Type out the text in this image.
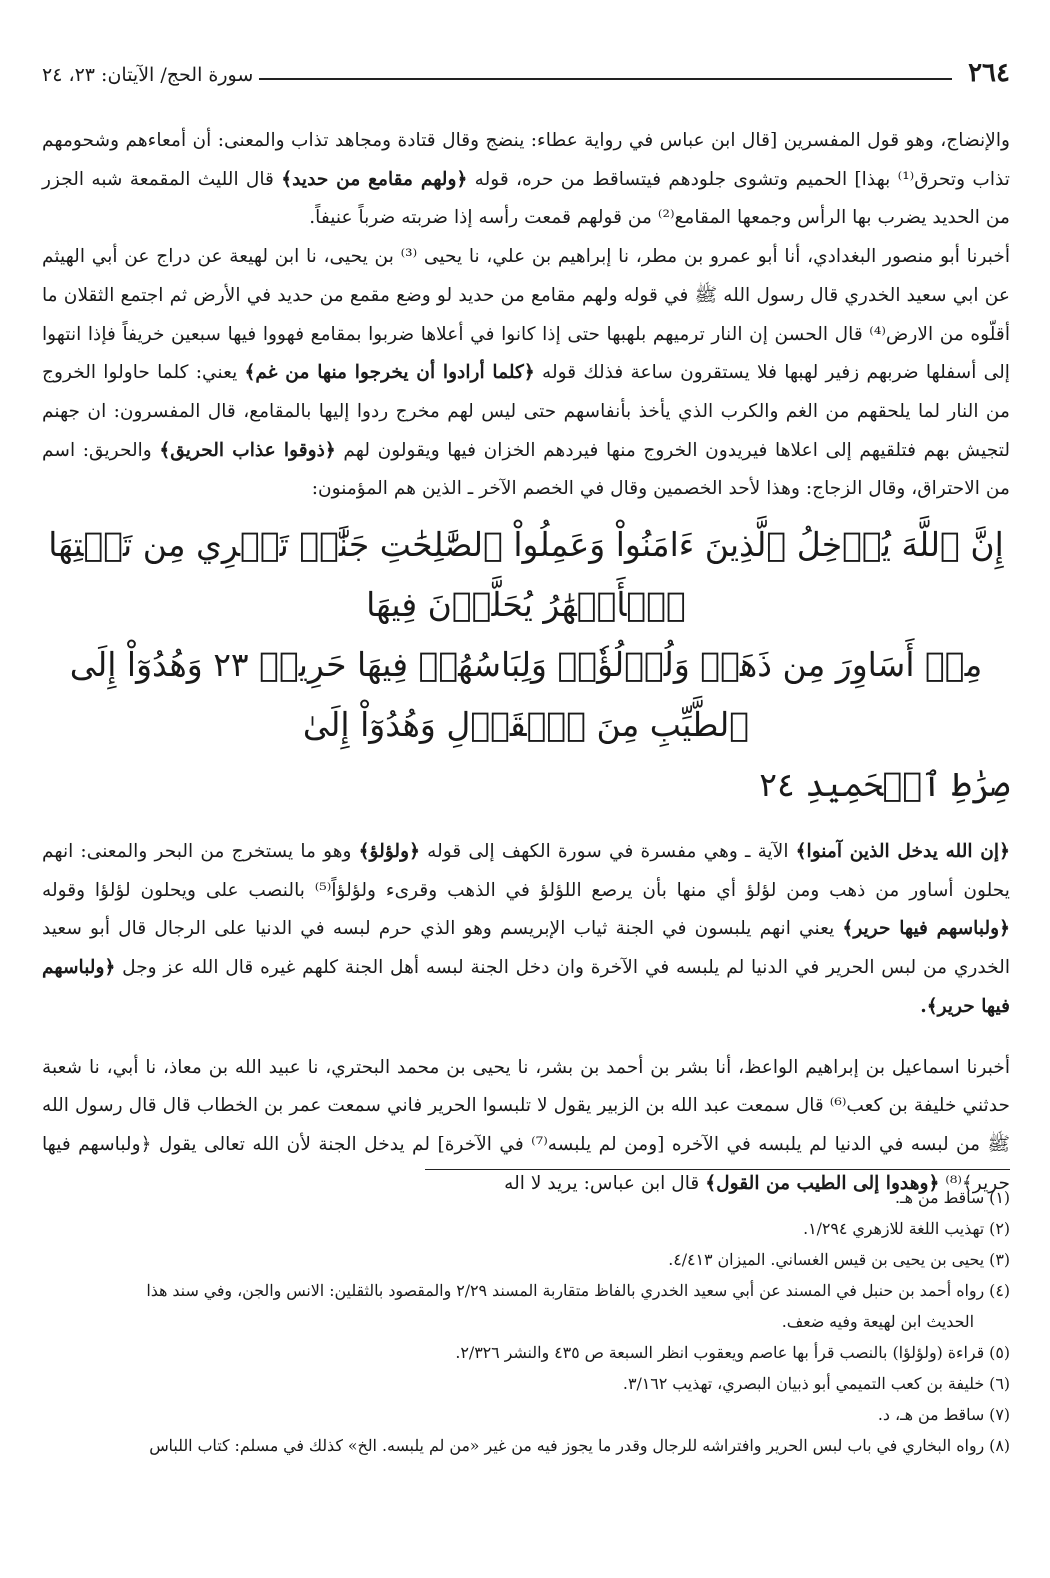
٢٦٤
سورة الحج/ الآيتان: ٢٣، ٢٤

والإنضاج، وهو قول المفسرين [قال ابن عباس في رواية عطاء: ينضج وقال قتادة ومجاهد تذاب والمعنى: أن أمعاءهم وشحومهم تذاب وتحرق⁽¹⁾ بهذا] الحميم وتشوى جلودهم فيتساقط من حره، قوله ﴿ولهم مقامع من حديد﴾ قال الليث المقمعة شبه الجزر من الحديد يضرب بها الرأس وجمعها المقامع⁽²⁾ من قولهم قمعت رأسه إذا ضربته ضرباً عنيفاً.

أخبرنا أبو منصور البغدادي، أنا أبو عمرو بن مطر، نا إبراهيم بن علي، نا يحيى ⁽³⁾ بن يحيى، نا ابن لهيعة عن دراج عن أبي الهيثم عن ابي سعيد الخدري قال رسول الله ﷺ في قوله ولهم مقامع من حديد لو وضع مقمع من حديد في الأرض ثم اجتمع الثقلان ما أقلّوه من الارض⁽⁴⁾ قال الحسن إن النار ترميهم بلهبها حتى إذا كانوا في أعلاها ضربوا بمقامع فهووا فيها سبعين خريفاً فإذا انتهوا إلى أسفلها ضربهم زفير لهبها فلا يستقرون ساعة فذلك قوله ﴿كلما أرادوا أن يخرجوا منها من غم﴾ يعني: كلما حاولوا الخروج من النار لما يلحقهم من الغم والكرب الذي يأخذ بأنفاسهم حتى ليس لهم مخرج ردوا إليها بالمقامع، قال المفسرون: ان جهنم لتجيش بهم فتلقيهم إلى اعلاها فيريدون الخروج منها فيردهم الخزان فيها ويقولون لهم ﴿ذوقوا عذاب الحريق﴾ والحريق: اسم من الاحتراق، وقال الزجاج: وهذا لأحد الخصمين وقال في الخصم الآخر ـ الذين هم المؤمنون:

إِنَّ ٱللَّهَ يُدۡخِلُ ٱلَّذِينَ ءَامَنُواْ وَعَمِلُواْ ٱلصَّٰلِحَٰتِ جَنَّٰتٖ تَجۡرِي مِن تَحۡتِهَا ٱلۡأَنۡهَٰرُ يُحَلَّوۡنَ فِيهَا
مِنۡ أَسَاوِرَ مِن ذَهَبٖ وَلُؤۡلُؤٗاۖ وَلِبَاسُهُمۡ فِيهَا حَرِيرٞ ٢٣ وَهُدُوٓاْ إِلَى ٱلطَّيِّبِ مِنَ ٱلۡقَوۡلِ وَهُدُوٓاْ إِلَىٰ
صِرَٰطِ ٱلۡحَمِيدِ ٢٤

﴿إن الله يدخل الذين آمنوا﴾ الآية ـ وهي مفسرة في سورة الكهف إلى قوله ﴿ولؤلؤ﴾ وهو ما يستخرج من البحر والمعنى: انهم يحلون أساور من ذهب ومن لؤلؤ أي منها بأن يرصع اللؤلؤ في الذهب وقرىء ولؤلؤاً⁽⁵⁾ بالنصب على ويحلون لؤلؤا وقوله ﴿ولباسهم فيها حرير﴾ يعني انهم يلبسون في الجنة ثياب الإبريسم وهو الذي حرم لبسه في الدنيا على الرجال قال أبو سعيد الخدري من لبس الحرير في الدنيا لم يلبسه في الآخرة وان دخل الجنة لبسه أهل الجنة كلهم غيره قال الله عز وجل ﴿ولباسهم فيها حرير﴾.

أخبرنا اسماعيل بن إبراهيم الواعظ، أنا بشر بن أحمد بن بشر، نا يحيى بن محمد البحتري، نا عبيد الله بن معاذ، نا أبي، نا شعبة حدثني خليفة بن كعب⁽⁶⁾ قال سمعت عبد الله بن الزبير يقول لا تلبسوا الحرير فاني سمعت عمر بن الخطاب قال قال رسول الله ﷺ من لبسه في الدنيا لم يلبسه في الآخره [ومن لم يلبسه⁽⁷⁾ في الآخرة] لم يدخل الجنة لأن الله تعالى يقول ﴿ولباسهم فيها حرير﴾⁽⁸⁾ ﴿وهدوا إلى الطيب من القول﴾ قال ابن عباس: يريد لا اله

(١) ساقط من هـ.

(٢) تهذيب اللغة للازهري ١/٢٩٤.

(٣) يحيى بن يحيى بن قيس الغساني. الميزان ٤/٤١٣.

(٤) رواه أحمد بن حنبل في المسند عن أبي سعيد الخدري بالفاظ متقاربة المسند ٢/٢٩ والمقصود بالثقلين: الانس والجن، وفي سند هذا

الحديث ابن لهيعة وفيه ضعف.

(٥) قراءة (ولؤلؤا) بالنصب قرأ بها عاصم ويعقوب انظر السبعة ص ٤٣٥ والنشر ٢/٣٢٦.

(٦) خليفة بن كعب التميمي أبو ذبيان البصري، تهذيب ٣/١٦٢.

(٧) ساقط من هـ، د.

(٨) رواه البخاري في باب لبس الحرير وافتراشه للرجال وقدر ما يجوز فيه من غير «من لم يلبسه. الخ» كذلك في مسلم: كتاب اللباس
